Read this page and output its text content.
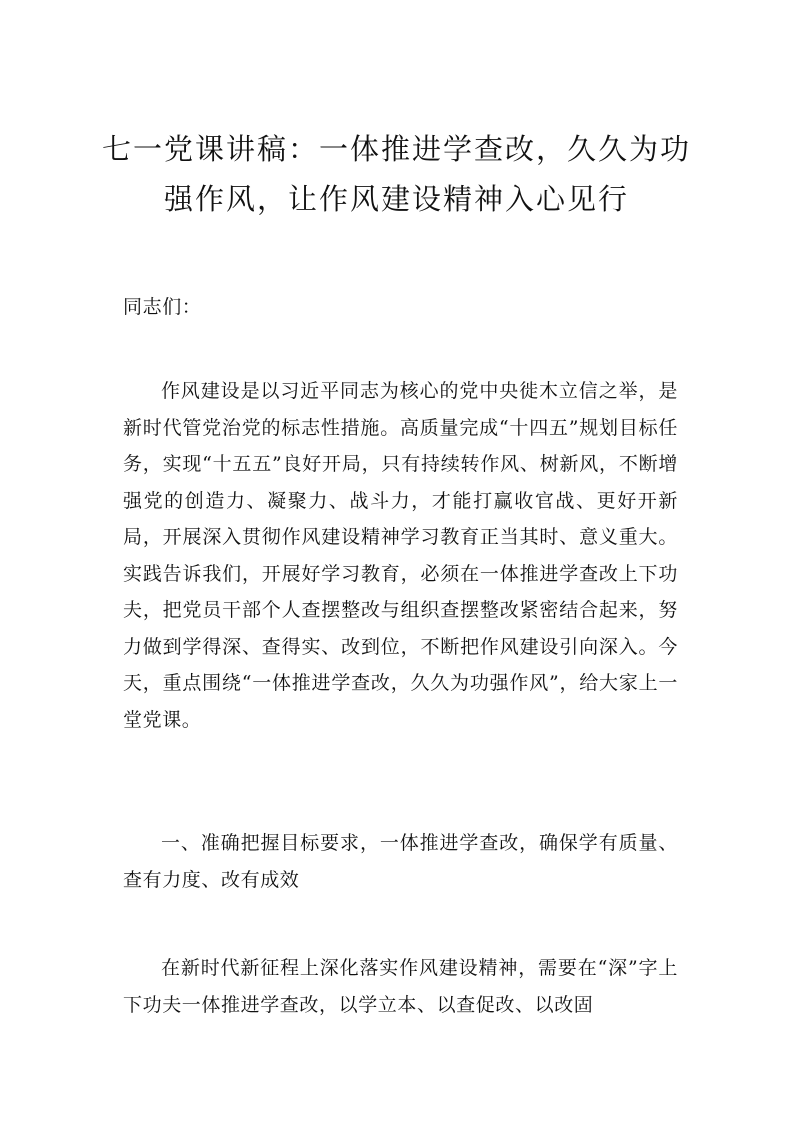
七一党课讲稿：一体推进学查改，久久为功
强作风，让作风建设精神入心见行

同志们：

作风建设是以习近平同志为核心的党中央徙木立信之举，是新时代管党治党的标志性措施。高质量完成“十四五”规划目标任务，实现“十五五”良好开局，只有持续转作风、树新风，不断增强党的创造力、凝聚力、战斗力，才能打赢收官战、更好开新局，开展深入贯彻作风建设精神学习教育正当其时、意义重大。实践告诉我们，开展好学习教育，必须在一体推进学查改上下功夫，把党员干部个人查摆整改与组织查摆整改紧密结合起来，努力做到学得深、查得实、改到位，不断把作风建设引向深入。今天，重点围绕“一体推进学查改，久久为功强作风”，给大家上一堂党课。

一、准确把握目标要求，一体推进学查改，确保学有质量、查有力度、改有成效

在新时代新征程上深化落实作风建设精神，需要在“深”字上下功夫一体推进学查改，以学立本、以查促改、以改固
